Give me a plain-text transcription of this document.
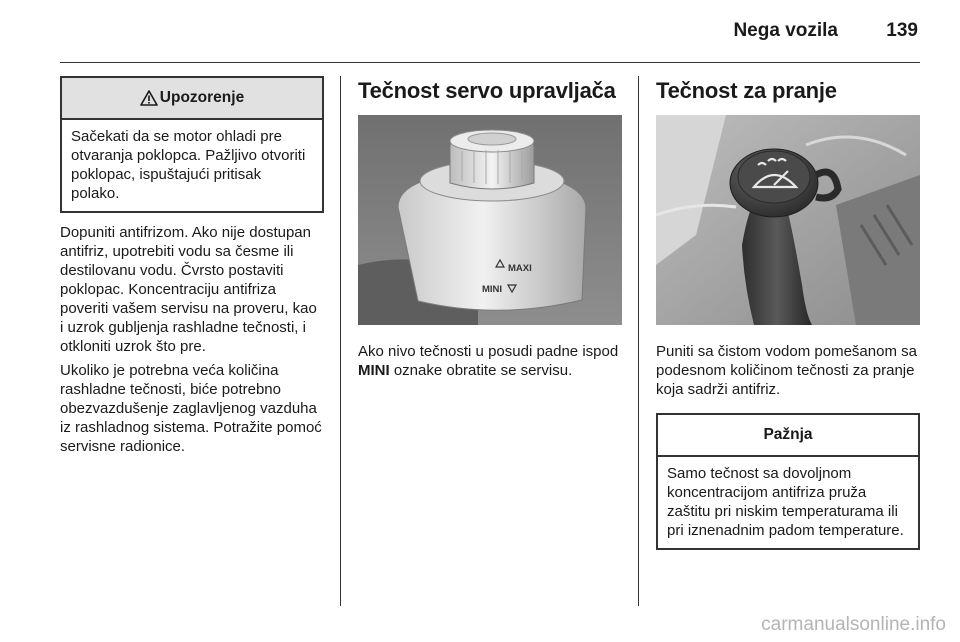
Nega vozila	139
Upozorenje
Sačekati da se motor ohladi pre otvaranja poklopca. Pažljivo otvoriti poklopac, ispuštajući pritisak polako.

Dopuniti antifrizom. Ako nije dostupan antifriz, upotrebiti vodu sa česme ili destilovanu vodu. Čvrsto postaviti poklopac. Koncentraciju antifriza poveriti vašem servisu na proveru, kao i uzrok gubljenja rashladne tečnosti, i otkloniti uzrok što pre.

Ukoliko je potrebna veća količina rashladne tečnosti, biće potrebno obezvazdušenje zaglavljenog vazduha iz rashladnog sistema. Potražite pomoć servisne radionice.

Tečnost servo upravljača
MAXI
MINI

Ako nivo tečnosti u posudi padne ispod MINI oznake obratite se servisu.

Tečnost za pranje

Puniti sa čistom vodom pomešanom sa podesnom količinom tečnosti za pranje koja sadrži antifriz.

Pažnja
Samo tečnost sa dovoljnom koncentracijom antifriza pruža zaštitu pri niskim temperaturama ili pri iznenadnim padom temperature.
carmanualsonline.info
